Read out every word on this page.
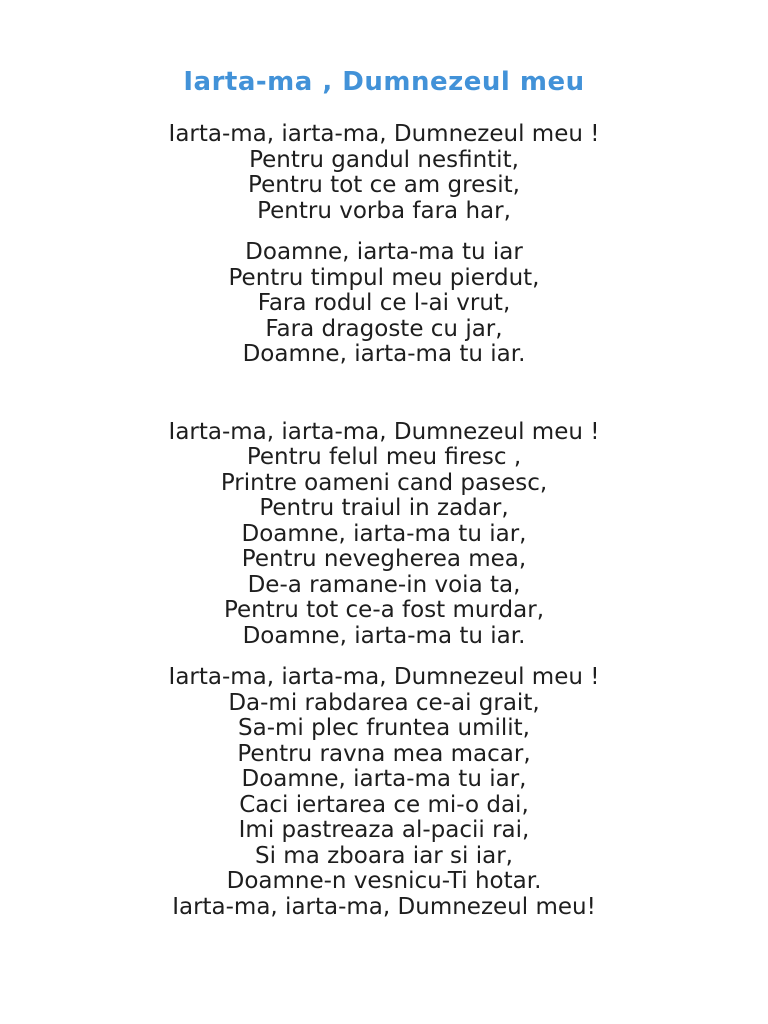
Iarta-ma , Dumnezeul meu

Iarta-ma, iarta-ma, Dumnezeul meu !
Pentru gandul nesfintit,
Pentru tot ce am gresit,
Pentru vorba fara har,

Doamne, iarta-ma tu iar
Pentru timpul meu pierdut,
Fara rodul ce l-ai vrut,
Fara dragoste cu jar,
Doamne, iarta-ma tu iar.

Iarta-ma, iarta-ma, Dumnezeul meu !
Pentru felul meu firesc ,
Printre oameni cand pasesc,
Pentru traiul in zadar,
Doamne, iarta-ma tu iar,
Pentru nevegherea mea,
De-a ramane-in voia ta,
Pentru tot ce-a fost murdar,
Doamne, iarta-ma tu iar.

Iarta-ma, iarta-ma, Dumnezeul meu !
Da-mi rabdarea ce-ai grait,
Sa-mi plec fruntea umilit,
Pentru ravna mea macar,
Doamne, iarta-ma tu iar,
Caci iertarea ce mi-o dai,
Imi pastreaza al-pacii rai,
Si ma zboara iar si iar,
Doamne-n vesnicu-Ti hotar.
Iarta-ma, iarta-ma, Dumnezeul meu!
